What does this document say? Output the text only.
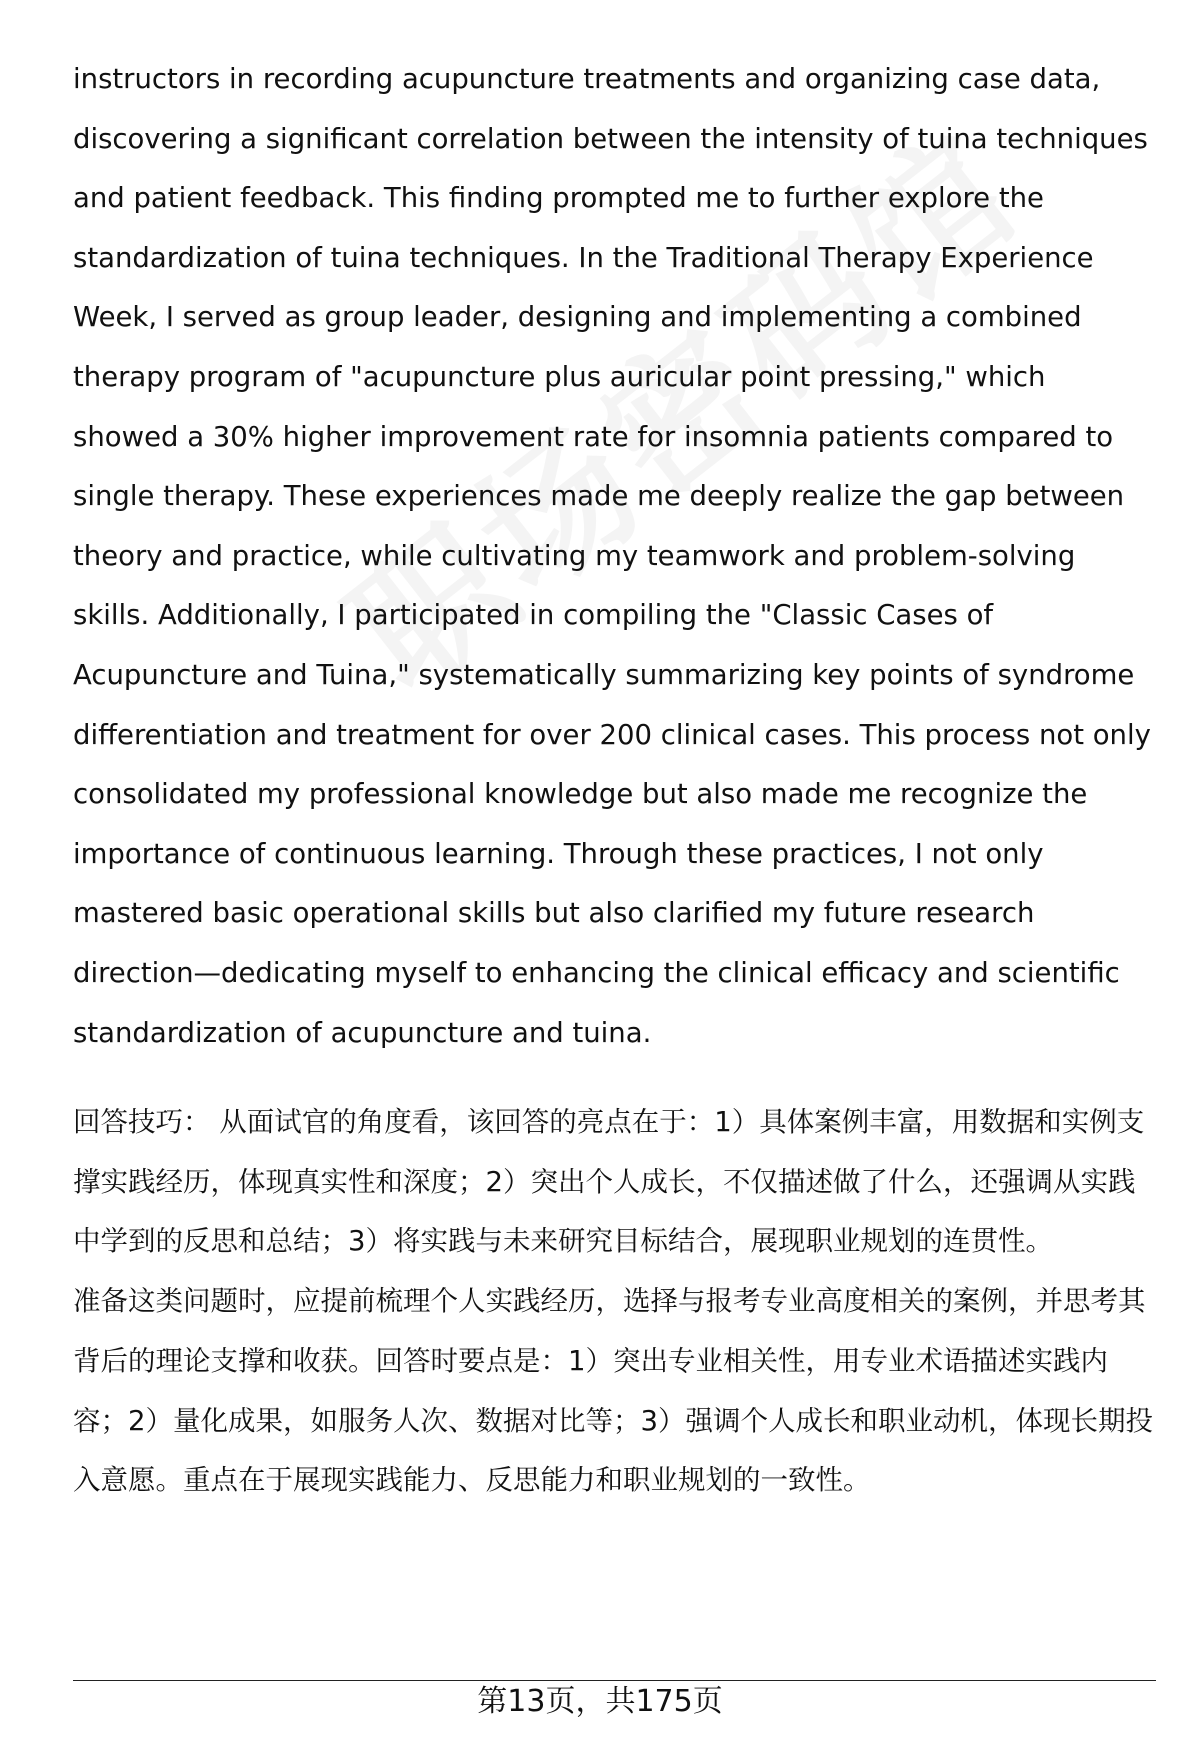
instructors in recording acupuncture treatments and organizing case data, discovering a significant correlation between the intensity of tuina techniques and patient feedback. This finding prompted me to further explore the standardization of tuina techniques. In the Traditional Therapy Experience Week, I served as group leader, designing and implementing a combined therapy program of "acupuncture plus auricular point pressing," which showed a 30% higher improvement rate for insomnia patients compared to single therapy. These experiences made me deeply realize the gap between theory and practice, while cultivating my teamwork and problem-solving skills. Additionally, I participated in compiling the "Classic Cases of Acupuncture and Tuina," systematically summarizing key points of syndrome differentiation and treatment for over 200 clinical cases. This process not only consolidated my professional knowledge but also made me recognize the importance of continuous learning. Through these practices, I not only mastered basic operational skills but also clarified my future research direction—dedicating myself to enhancing the clinical efficacy and scientific standardization of acupuncture and tuina.

回答技巧： 从面试官的角度看，该回答的亮点在于：1）具体案例丰富，用数据和实例支撑实践经历，体现真实性和深度；2）突出个人成长，不仅描述做了什么，还强调从实践中学到的反思和总结；3）将实践与未来研究目标结合，展现职业规划的连贯性。

准备这类问题时，应提前梳理个人实践经历，选择与报考专业高度相关的案例，并思考其背后的理论支撑和收获。回答时要点是：1）突出专业相关性，用专业术语描述实践内容；2）量化成果，如服务人次、数据对比等；3）强调个人成长和职业动机，体现长期投入意愿。重点在于展现实践能力、反思能力和职业规划的一致性。

第13页，共175页
